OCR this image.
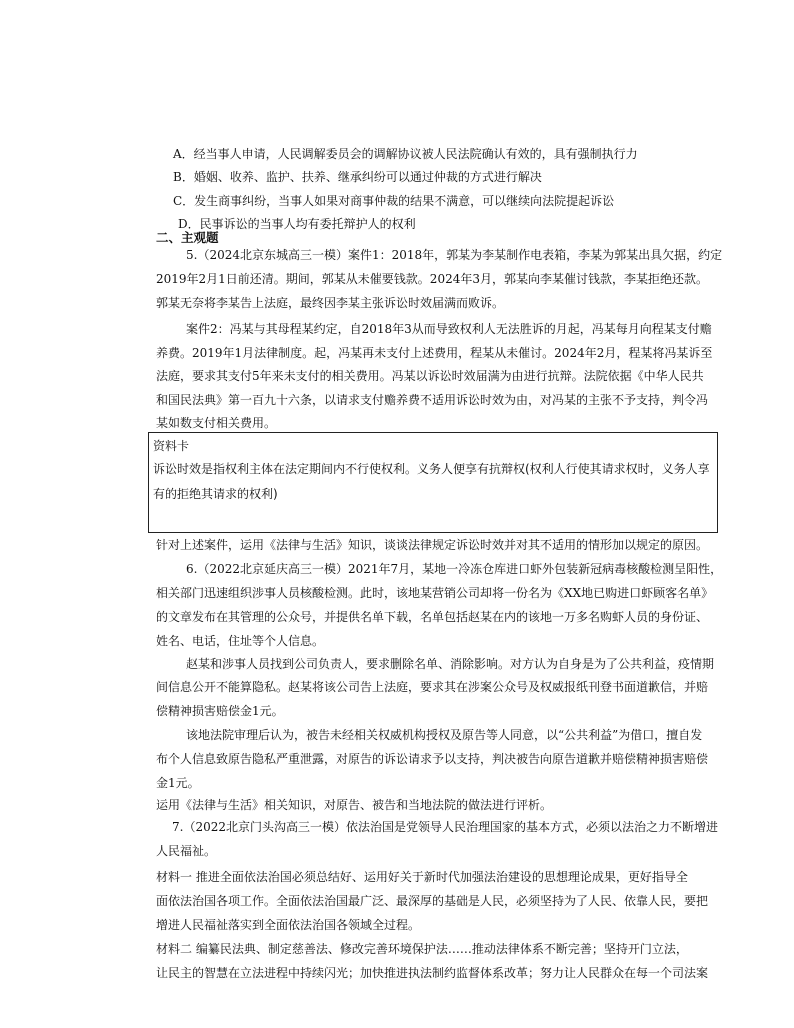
A．经当事人申请，人民调解委员会的调解协议被人民法院确认有效的，具有强制执行力
B．婚姻、收养、监护、扶养、继承纠纷可以通过仲裁的方式进行解决
C．发生商事纠纷，当事人如果对商事仲裁的结果不满意，可以继续向法院提起诉讼
D．民事诉讼的当事人均有委托辩护人的权利
二、主观题
5.（2024北京东城高三一模）案件1：2018年，郭某为李某制作电表箱，李某为郭某出具欠据，约定
2019年2月1日前还清。期间，郭某从未催要钱款。2024年3月，郭某向李某催讨钱款，李某拒绝还款。
郭某无奈将李某告上法庭，最终因李某主张诉讼时效届满而败诉。
案件2：冯某与其母程某约定，自2018年3从而导致权利人无法胜诉的月起，冯某每月向程某支付赡
养费。2019年1月法律制度。起，冯某再未支付上述费用，程某从未催讨。2024年2月，程某将冯某诉至
法庭，要求其支付5年来未支付的相关费用。冯某以诉讼时效届满为由进行抗辩。法院依据《中华人民共
和国民法典》第一百九十六条，以请求支付赡养费不适用诉讼时效为由，对冯某的主张不予支持，判令冯
某如数支付相关费用。
资料卡
诉讼时效是指权利主体在法定期间内不行使权利。义务人便享有抗辩权(权利人行使其请求权时，义务人享
有的拒绝其请求的权利)
针对上述案件，运用《法律与生活》知识，谈谈法律规定诉讼时效并对其不适用的情形加以规定的原因。
6.（2022北京延庆高三一模）2021年7月，某地一冷冻仓库进口虾外包装新冠病毒核酸检测呈阳性，
相关部门迅速组织涉事人员核酸检测。此时，该地某营销公司却将一份名为《XX地已购进口虾顾客名单》
的文章发布在其管理的公众号，并提供名单下载，名单包括赵某在内的该地一万多名购虾人员的身份证、
姓名、电话，住址等个人信息。
赵某和涉事人员找到公司负责人，要求删除名单、消除影响。对方认为自身是为了公共利益，疫情期
间信息公开不能算隐私。赵某将该公司告上法庭，要求其在涉案公众号及权威报纸刊登书面道歉信，并赔
偿精神损害赔偿金1元。
该地法院审理后认为，被告未经相关权威机构授权及原告等人同意，以“公共利益”为借口，擅自发
布个人信息致原告隐私严重泄露，对原告的诉讼请求予以支持，判决被告向原告道歉并赔偿精神损害赔偿
金1元。
运用《法律与生活》相关知识，对原告、被告和当地法院的做法进行评析。
7.（2022北京门头沟高三一模）依法治国是党领导人民治理国家的基本方式，必须以法治之力不断增进
人民福祉。
材料一 推进全面依法治国必须总结好、运用好关于新时代加强法治建设的思想理论成果，更好指导全
面依法治国各项工作。全面依法治国最广泛、最深厚的基础是人民，必须坚持为了人民、依靠人民，要把
增进人民福祉落实到全面依法治国各领域全过程。
材料二 编纂民法典、制定慈善法、修改完善环境保护法……推动法律体系不断完善；坚持开门立法，
让民主的智慧在立法进程中持续闪光；加快推进执法制约监督体系改革；努力让人民群众在每一个司法案
